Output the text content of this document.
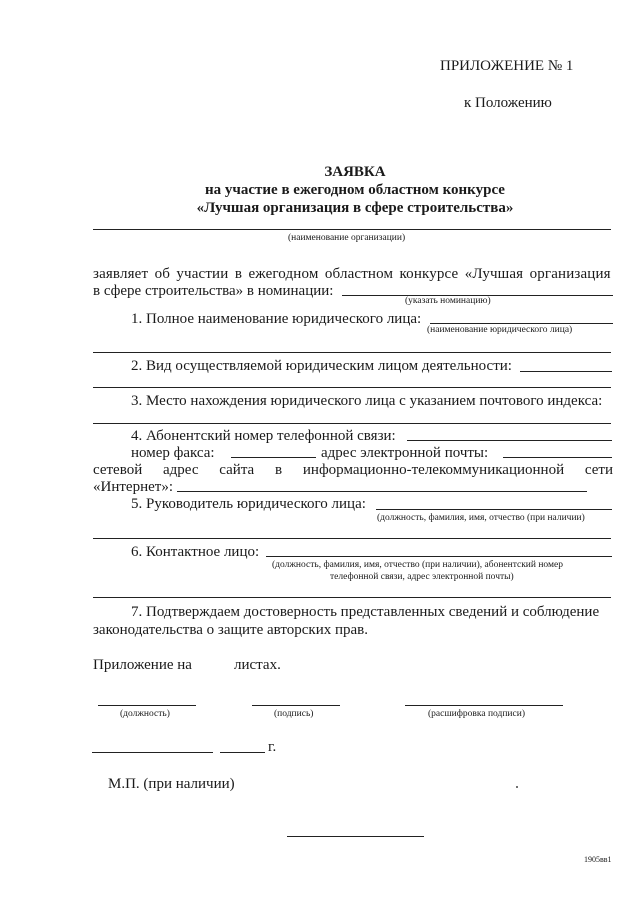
ПРИЛОЖЕНИЕ № 1
к Положению
ЗАЯВКА
на участие в ежегодном областном конкурсе
«Лучшая организация в сфере строительства»
(наименование организации)
заявляет об участии в ежегодном областном конкурсе «Лучшая организация
в сфере строительства» в номинации:
(указать номинацию)
1. Полное наименование юридического лица:
(наименование юридического лица)
2. Вид осуществляемой юридическим лицом деятельности:
3. Место нахождения юридического лица с указанием почтового индекса:
4. Абонентский номер телефонной связи:
номер факса:	адрес электронной почты:
сетевой адрес сайта в информационно-телекоммуникационной сети
«Интернет»:
5. Руководитель юридического лица:
(должность, фамилия, имя, отчество (при наличии)
6. Контактное лицо:
(должность, фамилия, имя, отчество (при наличии), абонентский номер
телефонной связи, адрес электронной почты)
7. Подтверждаем достоверность представленных сведений и соблюдение
законодательства о защите авторских прав.
Приложение на	листах.
(должность)	(подпись)	(расшифровка подписи)
г.
М.П. (при наличии)
1905вв1
